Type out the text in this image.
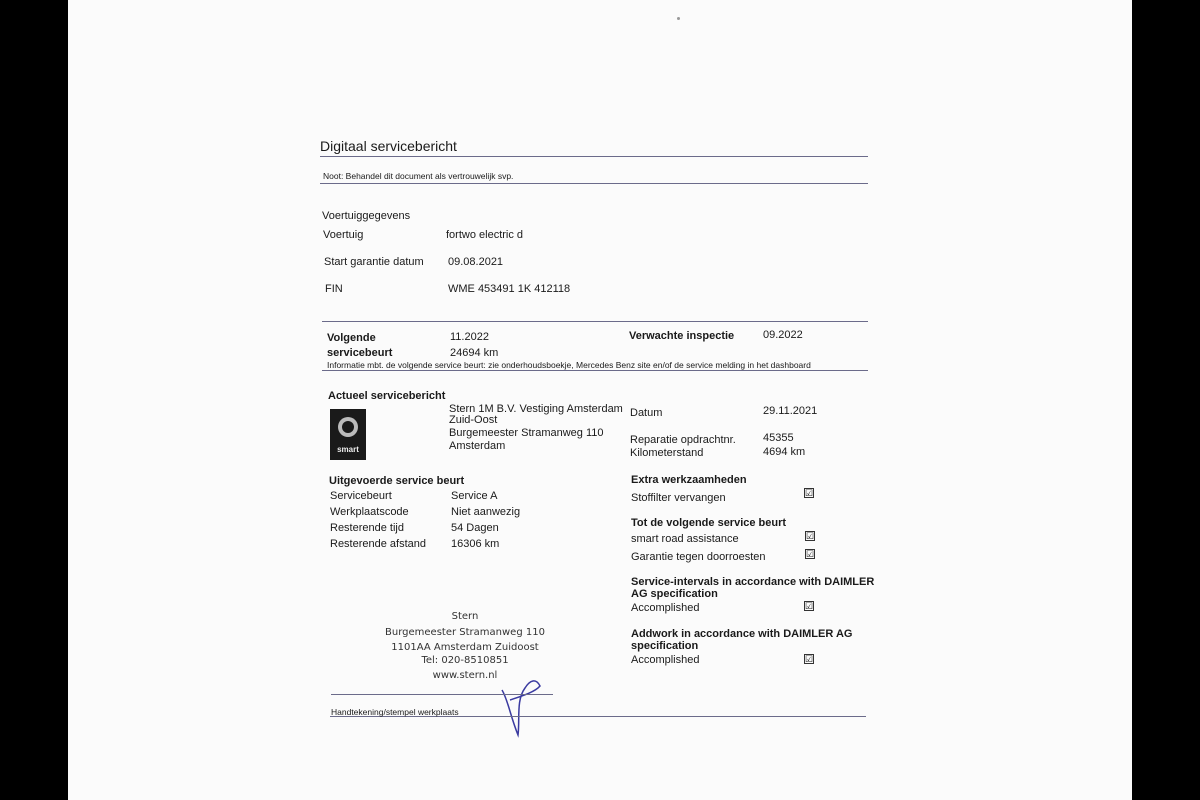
Digitaal servicebericht
Noot: Behandel dit document als vertrouwelijk svp.
Voertuiggegevens
Voertuig	fortwo electric d
Start garantie datum 09.08.2021
FIN	WME 453491 1K 412118
Volgende
servicebeurt
11.2022
24694 km
Verwachte inspectie	09.2022
Informatie mbt. de volgende service beurt: zie onderhoudsboekje, Mercedes Benz site en/of de service melding in het dashboard
Actueel servicebericht
smart
Stern 1M B.V. Vestiging Amsterdam
Zuid-Oost
Burgemeester Stramanweg 110
Amsterdam
Datum	29.11.2021
Reparatie opdrachtnr. 45355
Kilometerstand	4694 km
Uitgevoerde service beurt
Servicebeurt	Service A
Werkplaatscode	Niet aanwezig
Resterende tijd	54 Dagen
Resterende afstand 16306 km
Extra werkzaamheden
Stoffilter vervangen	☑
Tot de volgende service beurt
smart road assistance	☑
Garantie tegen doorroesten	☑
Service-intervals in accordance with DAIMLER
AG specification
Accomplished	☑
Addwork in accordance with DAIMLER AG
specification
Accomplished	☑
Stern
Burgemeester Stramanweg 110
1101AA Amsterdam Zuidoost
Tel: 020-8510851
www.stern.nl
Handtekening/stempel werkplaats
